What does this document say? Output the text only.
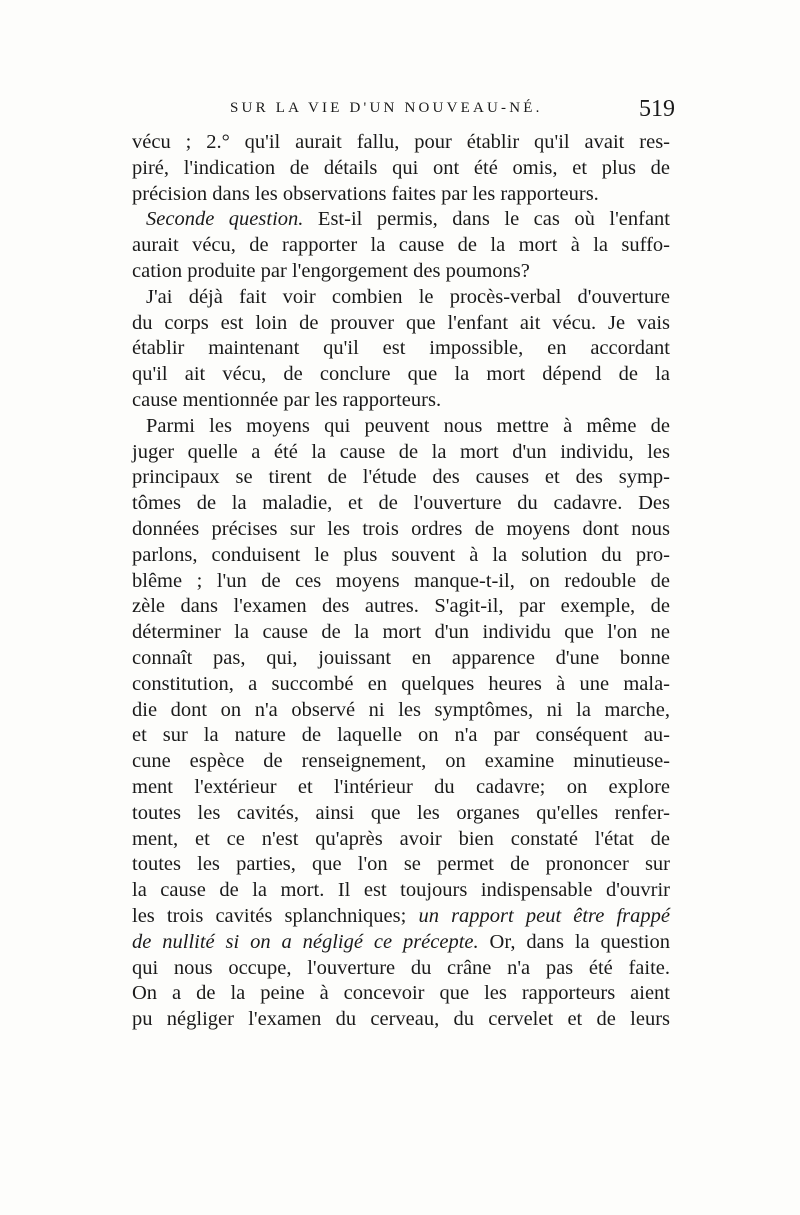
SUR LA VIE D'UN NOUVEAU-NÉ.	519
vécu ; 2.° qu'il aurait fallu, pour établir qu'il avait res-
piré, l'indication de détails qui ont été omis, et plus de
précision dans les observations faites par les rapporteurs.
Seconde question. Est-il permis, dans le cas où l'enfant
aurait vécu, de rapporter la cause de la mort à la suffo-
cation produite par l'engorgement des poumons?
J'ai déjà fait voir combien le procès-verbal d'ouverture
du corps est loin de prouver que l'enfant ait vécu. Je vais
établir maintenant qu'il est impossible, en accordant
qu'il ait vécu, de conclure que la mort dépend de la
cause mentionnée par les rapporteurs.
Parmi les moyens qui peuvent nous mettre à même de
juger quelle a été la cause de la mort d'un individu, les
principaux se tirent de l'étude des causes et des symp-
tômes de la maladie, et de l'ouverture du cadavre. Des
données précises sur les trois ordres de moyens dont nous
parlons, conduisent le plus souvent à la solution du pro-
blême ; l'un de ces moyens manque-t-il, on redouble de
zèle dans l'examen des autres. S'agit-il, par exemple, de
déterminer la cause de la mort d'un individu que l'on ne
connaît pas, qui, jouissant en apparence d'une bonne
constitution, a succombé en quelques heures à une mala-
die dont on n'a observé ni les symptômes, ni la marche,
et sur la nature de laquelle on n'a par conséquent au-
cune espèce de renseignement, on examine minutieuse-
ment l'extérieur et l'intérieur du cadavre; on explore
toutes les cavités, ainsi que les organes qu'elles renfer-
ment, et ce n'est qu'après avoir bien constaté l'état de
toutes les parties, que l'on se permet de prononcer sur
la cause de la mort. Il est toujours indispensable d'ouvrir
les trois cavités splanchniques; un rapport peut être frappé
de nullité si on a négligé ce précepte. Or, dans la question
qui nous occupe, l'ouverture du crâne n'a pas été faite.
On a de la peine à concevoir que les rapporteurs aient
pu négliger l'examen du cerveau, du cervelet et de leurs
